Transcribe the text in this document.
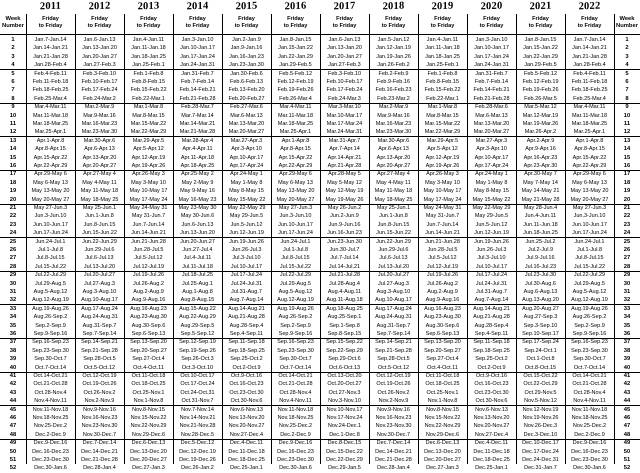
Week Number
1
2
3
4
5
6
7
8
9
10
11
12
13
14
15
16
17
18
19
20
21
22
23
24
25
26
27
28
29
30
31
32
33
34
35
36
37
38
39
40
41
42
43
44
45
46
47
48
49
50
51
52
2011
Friday
to Friday
Jan.7-Jan.14
Jan.14-Jan.21
Jan.21-Jan.28
Jan.28-Feb.4
Feb.4-Feb.11
Feb.11-Feb.18
Feb.18-Feb.25
Feb.25-Mar.4
Mar.4-Mar.11
Mar.11-Mar.18
Mar.18-Mar.25
Mar.25-Apr.1
Apr.1-Apr.8
Apr.8-Apr.15
Apr.15-Apr.22
Apr.22-Apr.29
Apr.29-May 6
May 6-May 13
May 13-May 20
May 20-May 27
May 27-Jun.3
Jun.3-Jun.10
Jun.10-Jun.17
Jun.17-Jun.24
Jun.24-Jul.1
Jul.1-Jul.8
Jul.8-Jul.15
Jul.15-Jul.22
Jul.22-Jul.29
Jul.29-Aug.5
Aug.5-Aug.12
Aug.12-Aug.19
Aug.19-Aug.26
Aug.26-Sep.2
Sep.2-Sep.9
Sep.9-Sep.16
Sep.16-Sep.23
Sep.23-Sep.30
Sep.30-Oct.7
Oct.7-Oct.14
Oct.14-Oct.21
Oct.21-Oct.28
Oct.28-Nov.4
Nov.4-Nov.11
Nov.11-Nov.18
Nov.18-Nov.25
Nov.25-Dec.2
Dec.2-Dec.9
Dec.9-Dec.16
Dec.16-Dec.23
Dec.23-Dec.30
Dec.30-Jan.6
2012
Friday
to Friday
Jan.6-Jan.13
Jan.13-Jan.20
Jan.20-Jan.27
Jan.27-Feb.3
Feb.3-Feb.10
Feb.10-Feb.17
Feb.17-Feb.24
Feb.24-Mar.2
Mar.2-Mar.9
Mar.9-Mar.16
Mar.16-Mar.23
Mar.23-Mar.30
Mar.30-Apr.6
Apr.6-Apr.13
Apr.13-Apr.20
Apr.20-Apr.27
Apr.27-May 4
May 4-May 11
May 11-May 18
May 18-May 25
May 25-Jun.1
Jun.1-Jun.8
Jun.8-Jun.15
Jun.15-Jun.22
Jun.22-Jun.29
Jun.29-Jul.6
Jul.6-Jul.13
Jul.13-Jul.20
Jul.20-Jul.27
Jul.27-Aug.3
Aug.3-Aug.10
Aug.10-Aug.17
Aug.17-Aug.24
Aug.24-Aug.31
Aug.31-Sep.7
Sep.7-Sep.14
Sep.14-Sep.21
Sep.21-Sep.28
Sep.28-Oct.5
Oct.5-Oct.12
Oct.12-Oct.19
Oct.19-Oct.26
Oct.26-Nov.2
Nov.2-Nov.9
Nov.9-Nov.16
Nov.16-Nov.23
Nov.23-Nov.30
Nov.30-Dec.7
Dec.7-Dec.14
Dec.14-Dec.21
Dec.21-Dec.28
Dec.28-Jan.4
2013
Friday
to Friday
Jan.4-Jan.11
Jan.11-Jan.18
Jan.18-Jan.25
Jan.25-Feb.1
Feb.1-Feb.8
Feb.8-Feb.15
Feb.15-Feb.22
Feb.22-Mar.1
Mar.1-Mar.8
Mar.8-Mar.15
Mar.15-Mar.22
Mar.22-Mar.29
Mar.29-Apr.5
Apr.5-Apr.12
Apr.12-Apr.19
Apr.19-Apr.26
Apr.26-May 3
May 3-May 10
May 10-May 17
May 17-May 24
May 24-May 31
May 31-Jun.7
Jun.7-Jun.14
Jun.14-Jun.21
Jun.21-Jun.28
Jun.28-Jul.5
Jul.5-Jul.12
Jul.12-Jul.19
Jul.19-Jul.26
Jul.26-Aug.2
Aug.2-Aug.9
Aug.9-Aug.16
Aug.16-Aug.23
Aug.23-Aug.30
Aug.30-Sep.6
Sep.6-Sep.13
Sep.13-Sep.20
Sep.20-Sep.27
Sep.27-Oct.4
Oct.4-Oct.11
Oct.11-Oct.18
Oct.18-Oct.25
Oct.25-Nov.1
Nov.1-Nov.8
Nov.8-Nov.15
Nov.15-Nov.22
Nov.22-Nov.29
Nov.29-Dec.6
Dec.6-Dec.13
Dec.13-Dec.20
Dec.20-Dec.27
Dec.27-Jan.3
2014
Friday
to Friday
Jan.3-Jan.10
Jan.10-Jan.17
Jan.17-Jan.24
Jan.24-Jan.31
Jan.31-Feb.7
Feb.7-Feb.14
Feb.14-Feb.21
Feb.21-Feb.28
Feb.28-Mar.7
Mar.7-Mar.14
Mar.14-Mar.21
Mar.21-Mar.28
Mar.28-Apr.4
Apr.4-Apr.11
Apr.11-Apr.18
Apr.18-Apr.25
Apr.25-May 2
May 2-May 9
May 9-May 16
May 16-May 23
May 23-May 30
May 30-Jun.6
Jun.6-Jun.13
Jun.13-Jun.20
Jun.20-Jun.27
Jun.27-Jul.4
Jul.4-Jul.11
Jul.11-Jul.18
Jul.18-Jul.25
Jul.25-Aug.1
Aug.1-Aug.8
Aug.8-Aug.15
Aug.15-Aug.22
Aug.22-Aug.29
Aug.29-Sep.5
Sep.5-Sep.12
Sep.12-Sep.19
Sep.19-Sep.26
Sep.26-Oct.3
Oct.3-Oct.10
Oct.10-Oct.17
Oct.17-Oct.24
Oct.24-Oct.31
Oct.31-Nov.7
Nov.7-Nov.14
Nov.14-Nov.21
Nov.21-Nov.28
Nov.28-Dec.5
Dec.5-Dec.12
Dec.12-Dec.19
Dec.19-Dec.26
Dec.26-Jan.2
2015
Friday
to Friday
Jan.2-Jan.9
Jan.9-Jan.16
Jan.16-Jan.23
Jan.23-Jan.30
Jan.30-Feb.6
Feb.6-Feb.13
Feb.13-Feb.20
Feb.20-Feb.27
Feb.27-Mar.6
Mar.6-Mar.13
Mar.13-Mar.20
Mar.20-Mar.27
Mar.27-Apr.3
Apr.3-Apr.10
Apr.10-Apr.17
Apr.17-Apr.24
Apr.24-May 1
May 1-May 8
May 8-May 15
May 15-May 22
May 22-May 29
May 29-Jun.5
Jun.5-Jun.12
Jun.12-Jun.19
Jun.19-Jun.26
Jun.26-Jul.3
Jul.3-Jul.10
Jul.10-Jul.17
Jul.17-Jul.24
Jul.24-Jul.31
Jul.31-Aug.7
Aug.7-Aug.14
Aug.14-Aug.21
Aug.21-Aug.28
Aug.28-Sep.4
Sep.4-Sep.11
Sep.11-Sep.18
Sep.18-Sep.25
Sep.25-Oct.2
Oct.2-Oct.9
Oct.9-Oct.16
Oct.16-Oct.23
Oct.23-Oct.30
Oct.30-Nov.6
Nov.6-Nov.13
Nov.13-Nov.20
Nov.20-Nov.27
Nov.27-Dec.4
Dec.4-Dec.11
Dec.11-Dec.18
Dec.18-Dec.25
Dec.25-Jan.1
2016
Friday
to Friday
Jan.8-Jan.15
Jan.15-Jan.22
Jan.22-Jan.29
Jan.29-Feb.5
Feb.5-Feb.12
Feb.12-Feb.19
Feb.19-Feb.26
Feb.26-Mar.4
Mar.4-Mar.11
Mar.11-Mar.18
Mar.18-Mar.25
Mar.25-Apr.1
Apr.1-Apr.8
Apr.8-Apr.15
Apr.15-Apr.22
Apr.22-Apr.29
Apr.29-May 6
May 6-May 13
May 13-May 20
May 20-May 27
May 27-Jun.3
Jun.3-Jun.10
Jun.10-Jun.17
Jun.17-Jun.24
Jun.24-Jul.1
Jul.1-Jul.8
Jul.8-Jul.15
Jul.15-Jul.22
Jul.22-Jul.29
Jul.29-Aug.5
Aug.5-Aug.12
Aug.12-Aug.19
Aug.19-Aug.26
Aug.26-Sep.2
Sep.2-Sep.9
Sep.9-Sep.16
Sep.16-Sep.23
Sep.23-Sep.30
Sep.30-Oct.7
Oct.7-Oct.14
Oct.14-Oct.21
Oct.21-Oct.28
Oct.28-Nov.4
Nov.4-Nov.11
Nov.11-Nov.18
Nov.18-Nov.25
Nov.25-Dec.2
Dec.2-Dec.9
Dec.9-Dec.16
Dec.16-Dec.23
Dec.23-Dec.30
Dec.30-Jan.6
2017
Friday
to Friday
Jan.6-Jan.13
Jan.13-Jan.20
Jan.20-Jan.27
Jan.27-Feb.3
Feb.3-Feb.10
Feb.10-Feb.17
Feb.17-Feb.24
Feb.24-Mar.3
Mar.3-Mar.10
Mar.10-Mar.17
Mar.17-Mar.24
Mar.24-Mar.31
Mar.31-Apr.7
Apr.7-Apr.14
Apr.14-Apr.21
Apr.21-Apr.28
Apr.28-May 5
May 5-May 12
May 12-May 19
May 19-May 26
May 26-Jun.2
Jun.2-Jun.9
Jun.9-Jun.16
Jun.16-Jun.23
Jun.23-Jun.30
Jun.30-Jul.7
Jul.7-Jul.14
Jul.14-Jul.21
Jul.21-Jul.28
Jul.28-Aug.4
Aug.4-Aug.11
Aug.11-Aug.18
Aug.18-Aug.25
Aug.25-Sep.1
Sep.1-Sep.8
Sep.8-Sep.15
Sep.15-Sep.22
Sep.22-Sep.29
Sep.29-Oct.6
Oct.6-Oct.13
Oct.13-Oct.20
Oct.20-Oct.27
Oct.27-Nov.3
Nov.3-Nov.10
Nov.10-Nov.17
Nov.17-Nov.24
Nov.24-Dec.1
Dec.1-Dec.8
Dec.8-Dec.15
Dec.15-Dec.22
Dec.22-Dec.29
Dec.29-Jan.5
2018
Friday
to Friday
Jan.5-Jan.12
Jan.12-Jan.19
Jan.19-Jan.26
Jan.26-Feb.2
Feb.2-Feb.9
Feb.9-Feb.16
Feb.16-Feb.23
Feb.23-Mar.2
Mar.2-Mar.9
Mar.9-Mar.16
Mar.16-Mar.23
Mar.23-Mar.30
Mar.30-Apr.6
Apr.6-Apr.13
Apr.13-Apr.20
Apr.20-Apr.27
Apr.27-May 4
May 4-May 11
May 11-May 18
May 18-May 25
May 25-Jun.1
Jun.1-Jun.8
Jun.8-Jun.15
Jun.15-Jun.22
Jun.22-Jun.29
Jun.29-Jul.6
Jul.6-Jul.13
Jul.13-Jul.20
Jul.20-Jul.27
Jul.27-Aug.3
Aug.3-Aug.10
Aug.10-Aug.17
Aug.17-Aug.24
Aug.24-Aug.31
Aug.31-Sep.7
Sep.7-Sep.14
Sep.14-Sep.21
Sep.21-Sep.28
Sep.28-Oct.5
Oct.5-Oct.12
Oct.12-Oct.19
Oct.19-Oct.26
Oct.26-Nov.2
Nov.2-Nov.9
Nov.9-Nov.16
Nov.16-Nov.23
Nov.23-Nov.30
Nov.30-Dec.7
Dec.7-Dec.14
Dec.14-Dec.21
Dec.21-Dec.28
Dec.28-Jan.4
2019
Friday
to Friday
Jan.4-Jan.11
Jan.11-Jan.18
Jan.18-Jan.25
Jan.25-Feb.1
Feb.1-Feb.8
Feb.8-Feb.15
Feb.15-Feb.22
Feb.22-Mar.1
Mar.1-Mar.8
Mar.8-Mar.15
Mar.15-Mar.22
Mar.22-Mar.29
Mar.29-Apr.5
Apr.5-Apr.12
Apr.12-Apr.19
Apr.19-Apr.26
Apr.26-May 3
May 3-May 10
May 10-May 17
May 17-May 24
May 24-May 31
May 31-Jun.7
Jun.7-Jun.14
Jun.14-Jun.21
Jun.21-Jun.28
Jun.28-Jul.5
Jul.5-Jul.12
Jul.12-Jul.19
Jul.19-Jul.26
Jul.26-Aug.2
Aug.2-Aug.9
Aug.9-Aug.16
Aug.16-Aug.23
Aug.23-Aug.30
Aug.30-Sep.6
Sep.6-Sep.13
Sep.13-Sep.20
Sep.20-Sep.27
Sep.27-Oct.4
Oct.4-Oct.11
Oct.11-Oct.18
Oct.18-Oct.25
Oct.25-Nov.1
Nov.1-Nov.8
Nov.8-Nov.15
Nov.15-Nov.22
Nov.22-Nov.29
Nov.29-Dec.6
Dec.6-Dec.13
Dec.13-Dec.20
Dec.20-Dec.27
Dec.27-Jan.3
2020
Friday
to Friday
Jan.3-Jan.10
Jan.10-Jan.17
Jan.17-Jan.24
Jan.24-Jan.31
Jan.31-Feb.7
Feb.7-Feb.14
Feb.14-Feb.21
Feb.21-Feb.28
Feb.28-Mar.6
Mar.6-Mar.13
Mar.13-Mar.20
Mar.20-Mar.27
Mar.27-Apr.3
Apr.3-Apr.10
Apr.10-Apr.17
Apr.17-Apr.24
Apr.24-May 1
May 1-May 8
May 8-May 15
May 15-May 22
May 22-May 29
May 29-Jun.5
Jun.5-Jun.12
Jun.12-Jun.19
Jun.19-Jun.26
Jun.26-Jul.3
Jul.3-Jul.10
Jul.10-Jul.17
Jul.17-Jul.24
Jul.24-Jul.31
Jul.31-Aug.7
Aug.7-Aug.14
Aug.14-Aug.21
Aug.21-Aug.28
Aug.28-Sep.4
Sep.4-Sep.11
Sep.11-Sep.18
Sep.18-Sep.25
Sep.25-Oct.2
Oct.2-Oct.9
Oct.9-Oct.16
Oct.16-Oct.23
Oct.23-Oct.30
Oct.30-Nov.6
Nov.6-Nov.13
Nov.13-Nov.20
Nov.20-Nov.27
Nov.27-Dec.4
Dec.4-Dec.11
Dec.11-Dec.18
Dec.18-Dec.25
Dec.25-Jan.1
2021
Friday
to Friday
Jan.8-Jan.15
Jan.15-Jan.22
Jan.22-Jan.29
Jan.29-Feb.5
Feb.5-Feb.12
Feb.12-Feb.19
Feb.19-Feb.26
Feb.26-Mar.5
Mar.5-Mar.12
Mar.12-Mar.19
Mar.19-Mar.26
Mar.26-Apr.2
Apr.2-Apr.9
Apr.9-Apr.16
Apr.16-Apr.23
Apr.23-Apr.30
Apr.30-May 7
May 7-May 14
May 14-May 21
May 21-May 28
May 28-Jun.4
Jun.4-Jun.11
Jun.11-Jun.18
Jun.18-Jun.25
Jun.25-Jul.2
Jul.2-Jul.9
Jul.9-Jul.16
Jul.16-Jul.23
Jul.23-Jul.30
Jul.30-Aug.6
Aug.6-Aug.13
Aug.13-Aug.20
Aug.20-Aug.27
Aug.27-Sep.3
Sep.3-Sep.10
Sep.10-Sep.17
Sep.17-Sep.24
Sep.24-Oct.1
Oct.1-Oct.8
Oct.8-Oct.15
Oct.15-Oct.22
Oct.22-Oct.29
Oct.29-Nov.5
Nov.5-Nov.12
Nov.12-Nov.19
Nov.19-Nov.26
Nov.26-Dec.3
Dec.3-Dec.10
Dec.10-Dec.17
Dec.17-Dec.24
Dec.24-Dec.31
Dec.31-Jan.7
2022
Friday
to Friday
Jan.7-Jan.14
Jan.14-Jan.21
Jan.21-Jan.28
Jan.28-Feb.4
Feb.4-Feb.11
Feb.11-Feb.18
Feb.18-Feb.25
Feb.25-Mar.4
Mar.4-Mar.11
Mar.11-Mar.18
Mar.18-Mar.25
Mar.25-Apr.1
Apr.1-Apr.8
Apr.8-Apr.15
Apr.15-Apr.22
Apr.22-Apr.29
Apr.29-May 6
May 6-May 13
May 13-May 20
May 20-May 27
May 27-Jun.3
Jun.3-Jun.10
Jun.10-Jun.17
Jun.17-Jun.24
Jun.24-Jul.1
Jul.1-Jul.8
Jul.8-Jul.15
Jul.15-Jul.22
Jul.22-Jul.29
Jul.29-Aug.5
Aug.5-Aug.12
Aug.12-Aug.19
Aug.19-Aug.26
Aug.26-Sep.2
Sep.2-Sep.9
Sep.9-Sep.16
Sep.16-Sep.23
Sep.23-Sep.30
Sep.30-Oct.7
Oct.7-Oct.14
Oct.14-Oct.21
Oct.21-Oct.28
Oct.28-Nov.4
Nov.4-Nov.11
Nov.11-Nov.18
Nov.18-Nov.25
Nov.25-Dec.2
Dec.2-Dec.9
Dec.9-Dec.16
Dec.16-Dec.23
Dec.23-Dec.30
Dec.30-Jan.6
Week Number
1
2
3
4
5
6
7
8
9
10
11
12
13
14
15
16
17
18
19
20
21
22
23
24
25
26
27
28
29
30
31
32
33
34
35
36
37
38
39
40
41
42
43
44
45
46
47
48
49
50
51
52
